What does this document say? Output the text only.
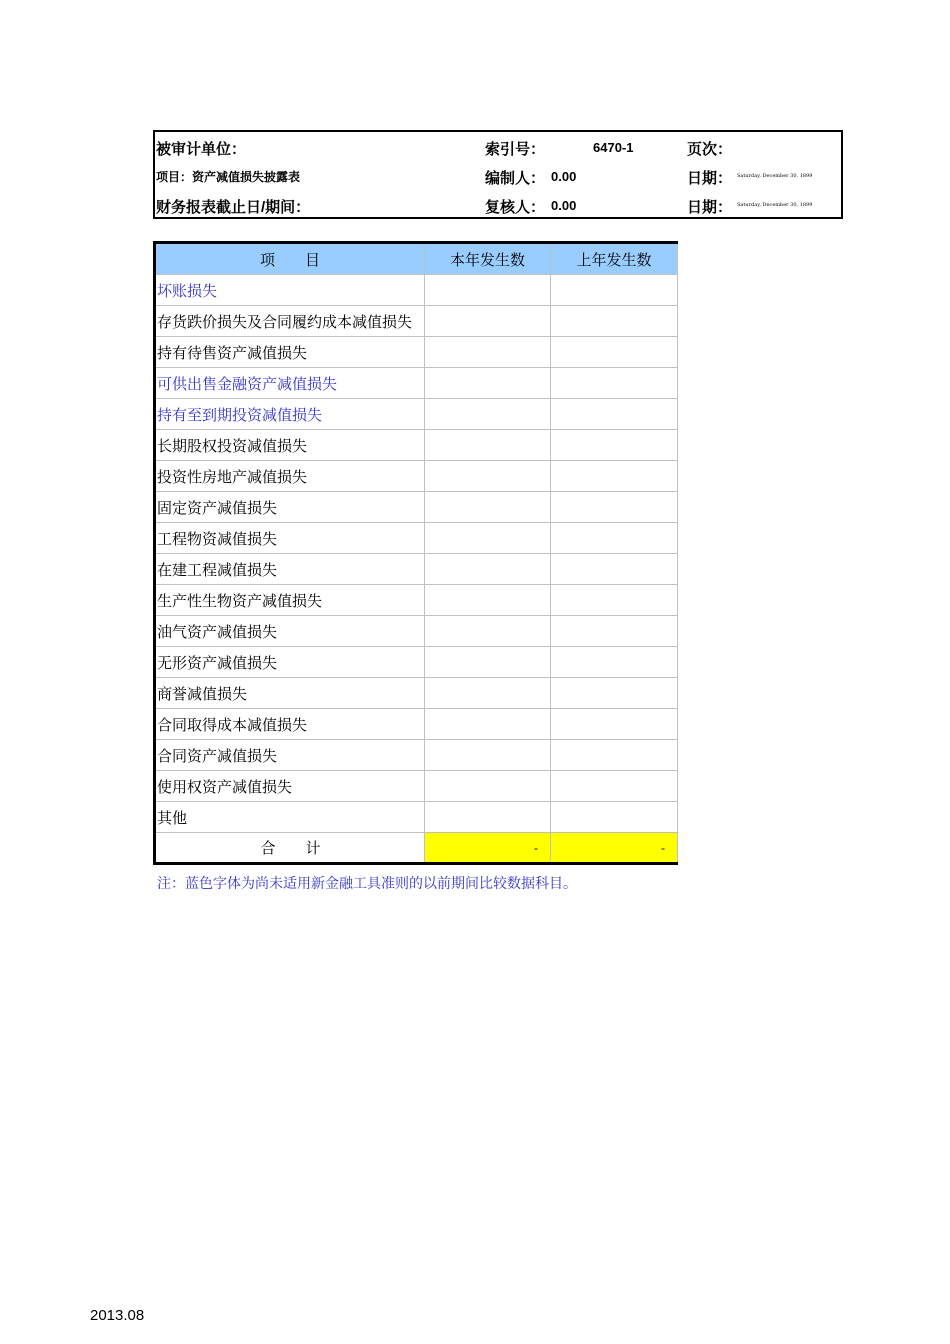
被审计单位：	索引号：	6470-1	页次：
项目：资产减值损失披露表	编制人： 0.00	日期： Saturday, December 30, 1899
财务报表截止日/期间：	复核人： 0.00	日期： Saturday, December 30, 1899
项　　目	本年发生数	上年发生数
坏账损失		
存货跌价损失及合同履约成本减值损失		
持有待售资产减值损失		
可供出售金融资产减值损失		
持有至到期投资减值损失		
长期股权投资减值损失		
投资性房地产减值损失		
固定资产减值损失		
工程物资减值损失		
在建工程减值损失		
生产性生物资产减值损失		
油气资产减值损失		
无形资产减值损失		
商誉减值损失		
合同取得成本减值损失		
合同资产减值损失		
使用权资产减值损失		
其他		
合　　计	-	-
注：蓝色字体为尚未适用新金融工具准则的以前期间比较数据科目。
2013.08
